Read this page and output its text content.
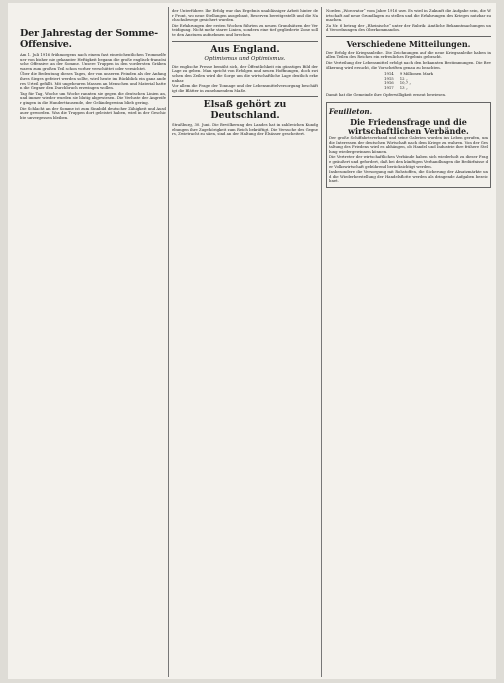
Der Jahrestag der Somme-Offensive.

Am 1. Juli 1916 frühmorgens nach einem fast einwöchentlichen Trommelfeuer von bisher nie gekannter Heftigkeit begann die große englisch-französische Offensive an der Somme. Unsere Truppen in den vordersten Gräben waren zum großen Teil schon vorher verschüttet oder vernichtet.

Über die Bedeutung dieses Tages, der von unseren Feinden als der Anfang ihres Sieges gefeiert werden sollte, wird heute im Rückblick ein ganz anderes Urteil gefällt. Mit ungeheuren Massen an Menschen und Material hatten die Gegner den Durchbruch erzwingen wollen.

Tag für Tag, Woche um Woche rannten sie gegen die deutschen Linien an, und immer wieder wurden sie blutig abgewiesen. Die Verluste der Angreifer gingen in die Hunderttausende, der Geländegewinn blieb gering.

Die Schlacht an der Somme ist zum Sinnbild deutscher Zähigkeit und Ausdauer geworden. Was die Truppen dort geleistet haben, wird in der Geschichte unvergessen bleiben.

der Unterführer. Ihr Erfolg war das Ergebnis unablässiger Arbeit hinter der Front, wo neue Stellungen ausgebaut, Reserven bereitgestellt und die Nachschubwege gesichert wurden.

Die Erfahrungen der ersten Wochen führten zu neuen Grundsätzen der Verteidigung. Nicht mehr starre Linien, sondern eine tief gegliederte Zone sollte den Ansturm aufnehmen und brechen.

Aus England.
Optimismus und Optimismus.

Die englische Presse bemüht sich, der Öffentlichkeit ein günstiges Bild der Lage zu geben. Man spricht von Erfolgen und neuen Hoffnungen, doch zwischen den Zeilen wird die Sorge um die wirtschaftliche Lage deutlich erkennbar.

Vor allem die Frage der Tonnage und der Lebensmittelversorgung beschäftigt die Blätter in zunehmendem Maße.

Elsaß gehört zu Deutschland.

Straßburg, 30. Juni. Die Bevölkerung des Landes hat in zahlreichen Kundgebungen ihre Zugehörigkeit zum Reich bekräftigt. Die Versuche des Gegners, Zwietracht zu säen, sind an der Haltung der Elsässer gescheitert.

Norden „Worovator“ vom Jahre 1916 usw. Es wird in Zukunft die Aufgabe sein, die Wirtschaft auf neue Grundlagen zu stellen und die Erfahrungen des Krieges nutzbar zu machen.

Zu Nr. 6 betrag der „Rheinische“ unter der Rubrik: Amtliche Bekanntmachungen und Verordnungen des Oberkommandos.

Verschiedene Mitteilungen.

Der Erfolg der Kriegsanleihe. Die Zeichnungen auf die neue Kriegsanleihe haben in allen Teilen des Reiches ein erfreuliches Ergebnis gebracht.

Die Verteilung der Lebensmittel erfolgt nach den bekannten Bestimmungen. Die Bevölkerung wird ersucht, die Vorschriften genau zu beachten.

1914	9 Millionen Mark
1915	12 „
1916	10,7 „
1917	13 „

Damit hat die Gemeinde ihre Opferwilligkeit erneut bewiesen.

Feuilleton.
Die Friedensfrage und die wirtschaftlichen Verbände.

Der große Schiffahrtsverband und seine Galerien wurden ins Leben gerufen, um die Interessen der deutschen Wirtschaft nach dem Kriege zu wahren. Von der Gestaltung des Friedens wird es abhängen, ob Handel und Industrie ihre frühere Stellung wiedergewinnen können.

Die Vertreter der wirtschaftlichen Verbände haben sich wiederholt zu dieser Frage geäußert und gefordert, daß bei den künftigen Verhandlungen die Bedürfnisse der Volkswirtschaft gebührend berücksichtigt werden.

Insbesondere die Versorgung mit Rohstoffen, die Sicherung der Absatzmärkte und die Wiederherstellung der Handelsflotte werden als dringende Aufgaben bezeichnet.
